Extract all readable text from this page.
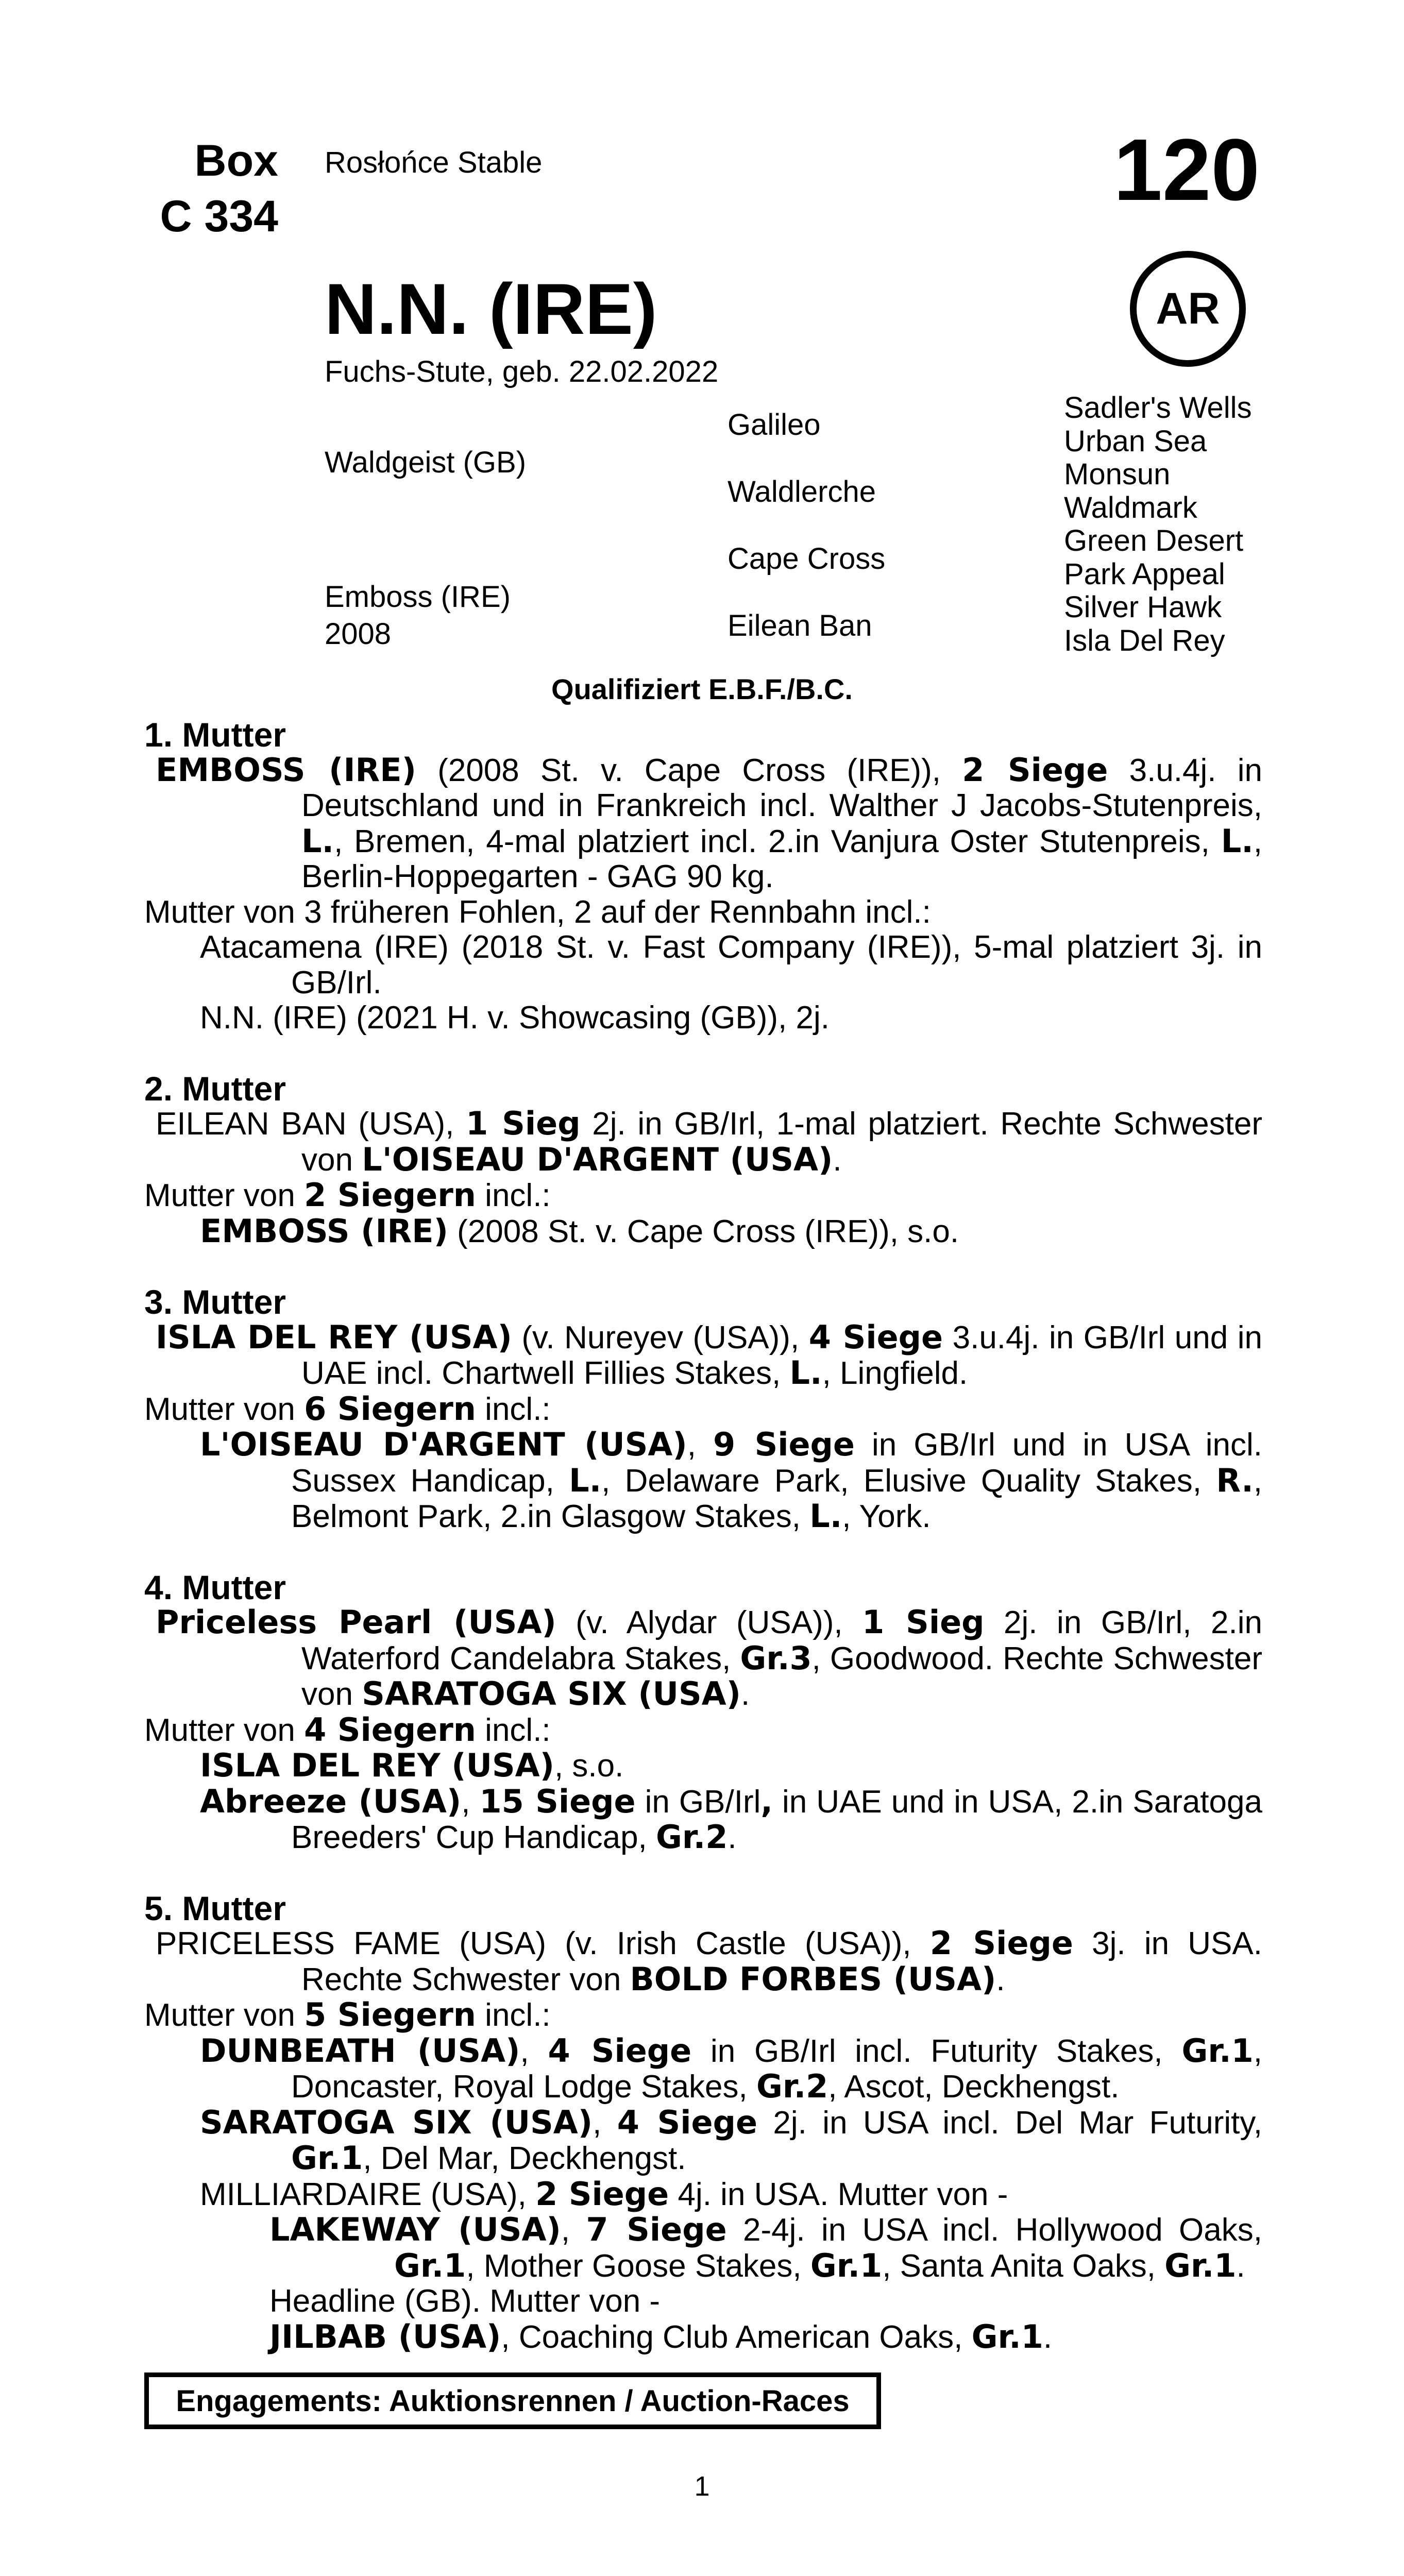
Box
C 334
Rosłońce Stable	120
AR
N.N. (IRE)
Fuchs-Stute, geb. 22.02.2022
Waldgeist (GB)
Emboss (IRE)
2008
Galileo
Waldlerche
Cape Cross
Eilean Ban
Sadler's Wells
Urban Sea
Monsun
Waldmark
Green Desert
Park Appeal
Silver Hawk
Isla Del Rey
Qualifiziert E.B.F./B.C.

1. Mutter

EMBOSS (IRE) (2008 St. v. Cape Cross (IRE)), 2 Siege 3.u.4j. in Deutschland und in Frankreich incl. Walther J Jacobs-Stutenpreis, L., Bremen, 4-mal platziert incl. 2.in Vanjura Oster Stutenpreis, L., Berlin-Hoppegarten - GAG 90 kg.

Mutter von 3 früheren Fohlen, 2 auf der Rennbahn incl.:

Atacamena (IRE) (2018 St. v. Fast Company (IRE)), 5-mal platziert 3j. in GB/Irl.

N.N. (IRE) (2021 H. v. Showcasing (GB)), 2j.

2. Mutter

EILEAN BAN (USA), 1 Sieg 2j. in GB/Irl, 1-mal platziert. Rechte Schwester von L'OISEAU D'ARGENT (USA).

Mutter von 2 Siegern incl.:

EMBOSS (IRE) (2008 St. v. Cape Cross (IRE)), s.o.

3. Mutter

ISLA DEL REY (USA) (v. Nureyev (USA)), 4 Siege 3.u.4j. in GB/Irl und in UAE incl. Chartwell Fillies Stakes, L., Lingfield.

Mutter von 6 Siegern incl.:

L'OISEAU D'ARGENT (USA), 9 Siege in GB/Irl und in USA incl. Sussex Handicap, L., Delaware Park, Elusive Quality Stakes, R., Belmont Park, 2.in Glasgow Stakes, L., York.

4. Mutter

Priceless Pearl (USA) (v. Alydar (USA)), 1 Sieg 2j. in GB/Irl, 2.in Waterford Candelabra Stakes, Gr.3, Goodwood. Rechte Schwester von SARATOGA SIX (USA).

Mutter von 4 Siegern incl.:

ISLA DEL REY (USA), s.o.

Abreeze (USA), 15 Siege in GB/Irl, in UAE und in USA, 2.in Saratoga Breeders' Cup Handicap, Gr.2.

5. Mutter

PRICELESS FAME (USA) (v. Irish Castle (USA)), 2 Siege 3j. in USA. Rechte Schwester von BOLD FORBES (USA).

Mutter von 5 Siegern incl.:

DUNBEATH (USA), 4 Siege in GB/Irl incl. Futurity Stakes, Gr.1, Doncaster, Royal Lodge Stakes, Gr.2, Ascot, Deckhengst.

SARATOGA SIX (USA), 4 Siege 2j. in USA incl. Del Mar Futurity, Gr.1, Del Mar, Deckhengst.

MILLIARDAIRE (USA), 2 Siege 4j. in USA. Mutter von -

LAKEWAY (USA), 7 Siege 2-4j. in USA incl. Hollywood Oaks, Gr.1, Mother Goose Stakes, Gr.1, Santa Anita Oaks, Gr.1.

Headline (GB). Mutter von -

JILBAB (USA), Coaching Club American Oaks, Gr.1.

Engagements: Auktionsrennen / Auction-Races
1
